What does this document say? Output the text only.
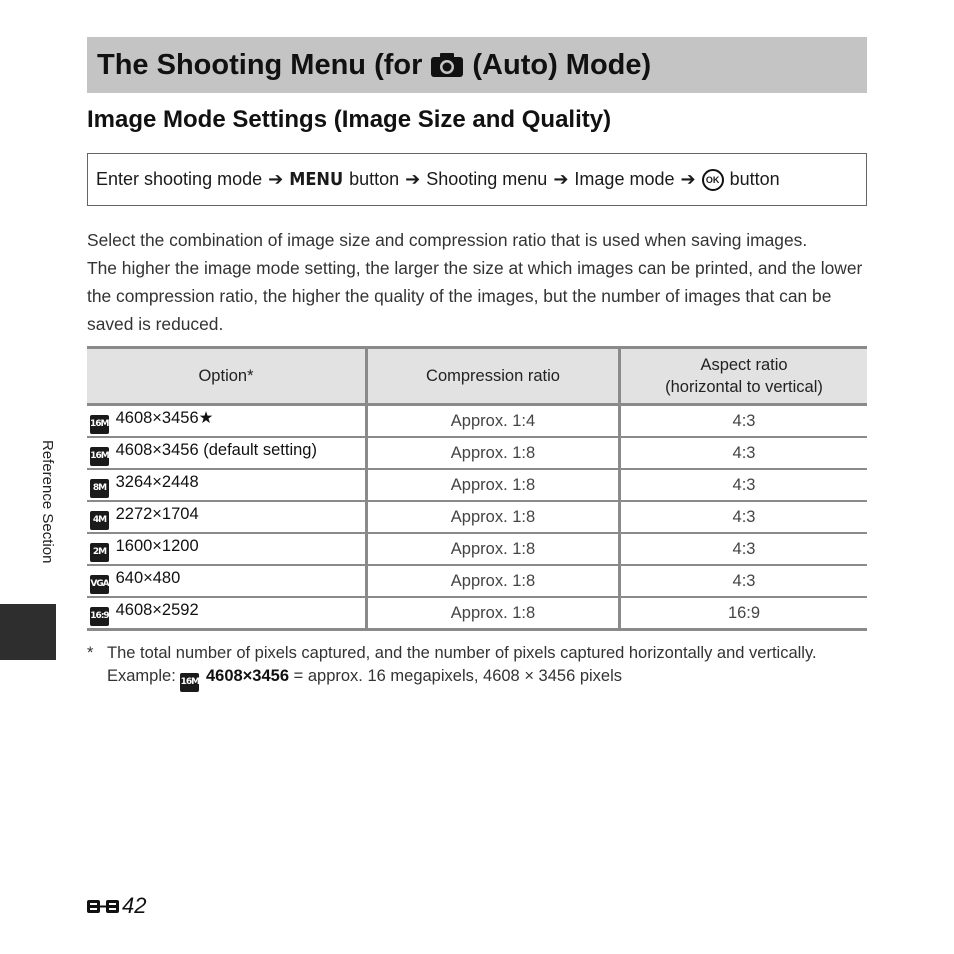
The Shooting Menu (for (Auto) Mode)
Image Mode Settings (Image Size and Quality)
Enter shooting mode ➔ MENU button ➔ Shooting menu ➔ Image mode ➔	OK button

Select the combination of image size and compression ratio that is used when saving images.

The higher the image mode setting, the larger the size at which images can be printed, and the lower the compression ratio, the higher the quality of the images, but the number of images that can be saved is reduced.

Option*	Compression ratio	Aspect ratio
(horizontal to vertical)
16M* 4608×3456★	Approx. 1:4	4:3
16M 4608×3456 (default setting)	Approx. 1:8	4:3
8M 3264×2448	Approx. 1:8	4:3
4M 2272×1704	Approx. 1:8	4:3
2M 1600×1200	Approx. 1:8	4:3
VGA 640×480	Approx. 1:8	4:3
16:9 4608×2592	Approx. 1:8	16:9
* The total number of pixels captured, and the number of pixels captured horizontally and vertically.
Example: 16M 4608×3456 = approx. 16 megapixels, 4608 × 3456 pixels
Reference Section
42
